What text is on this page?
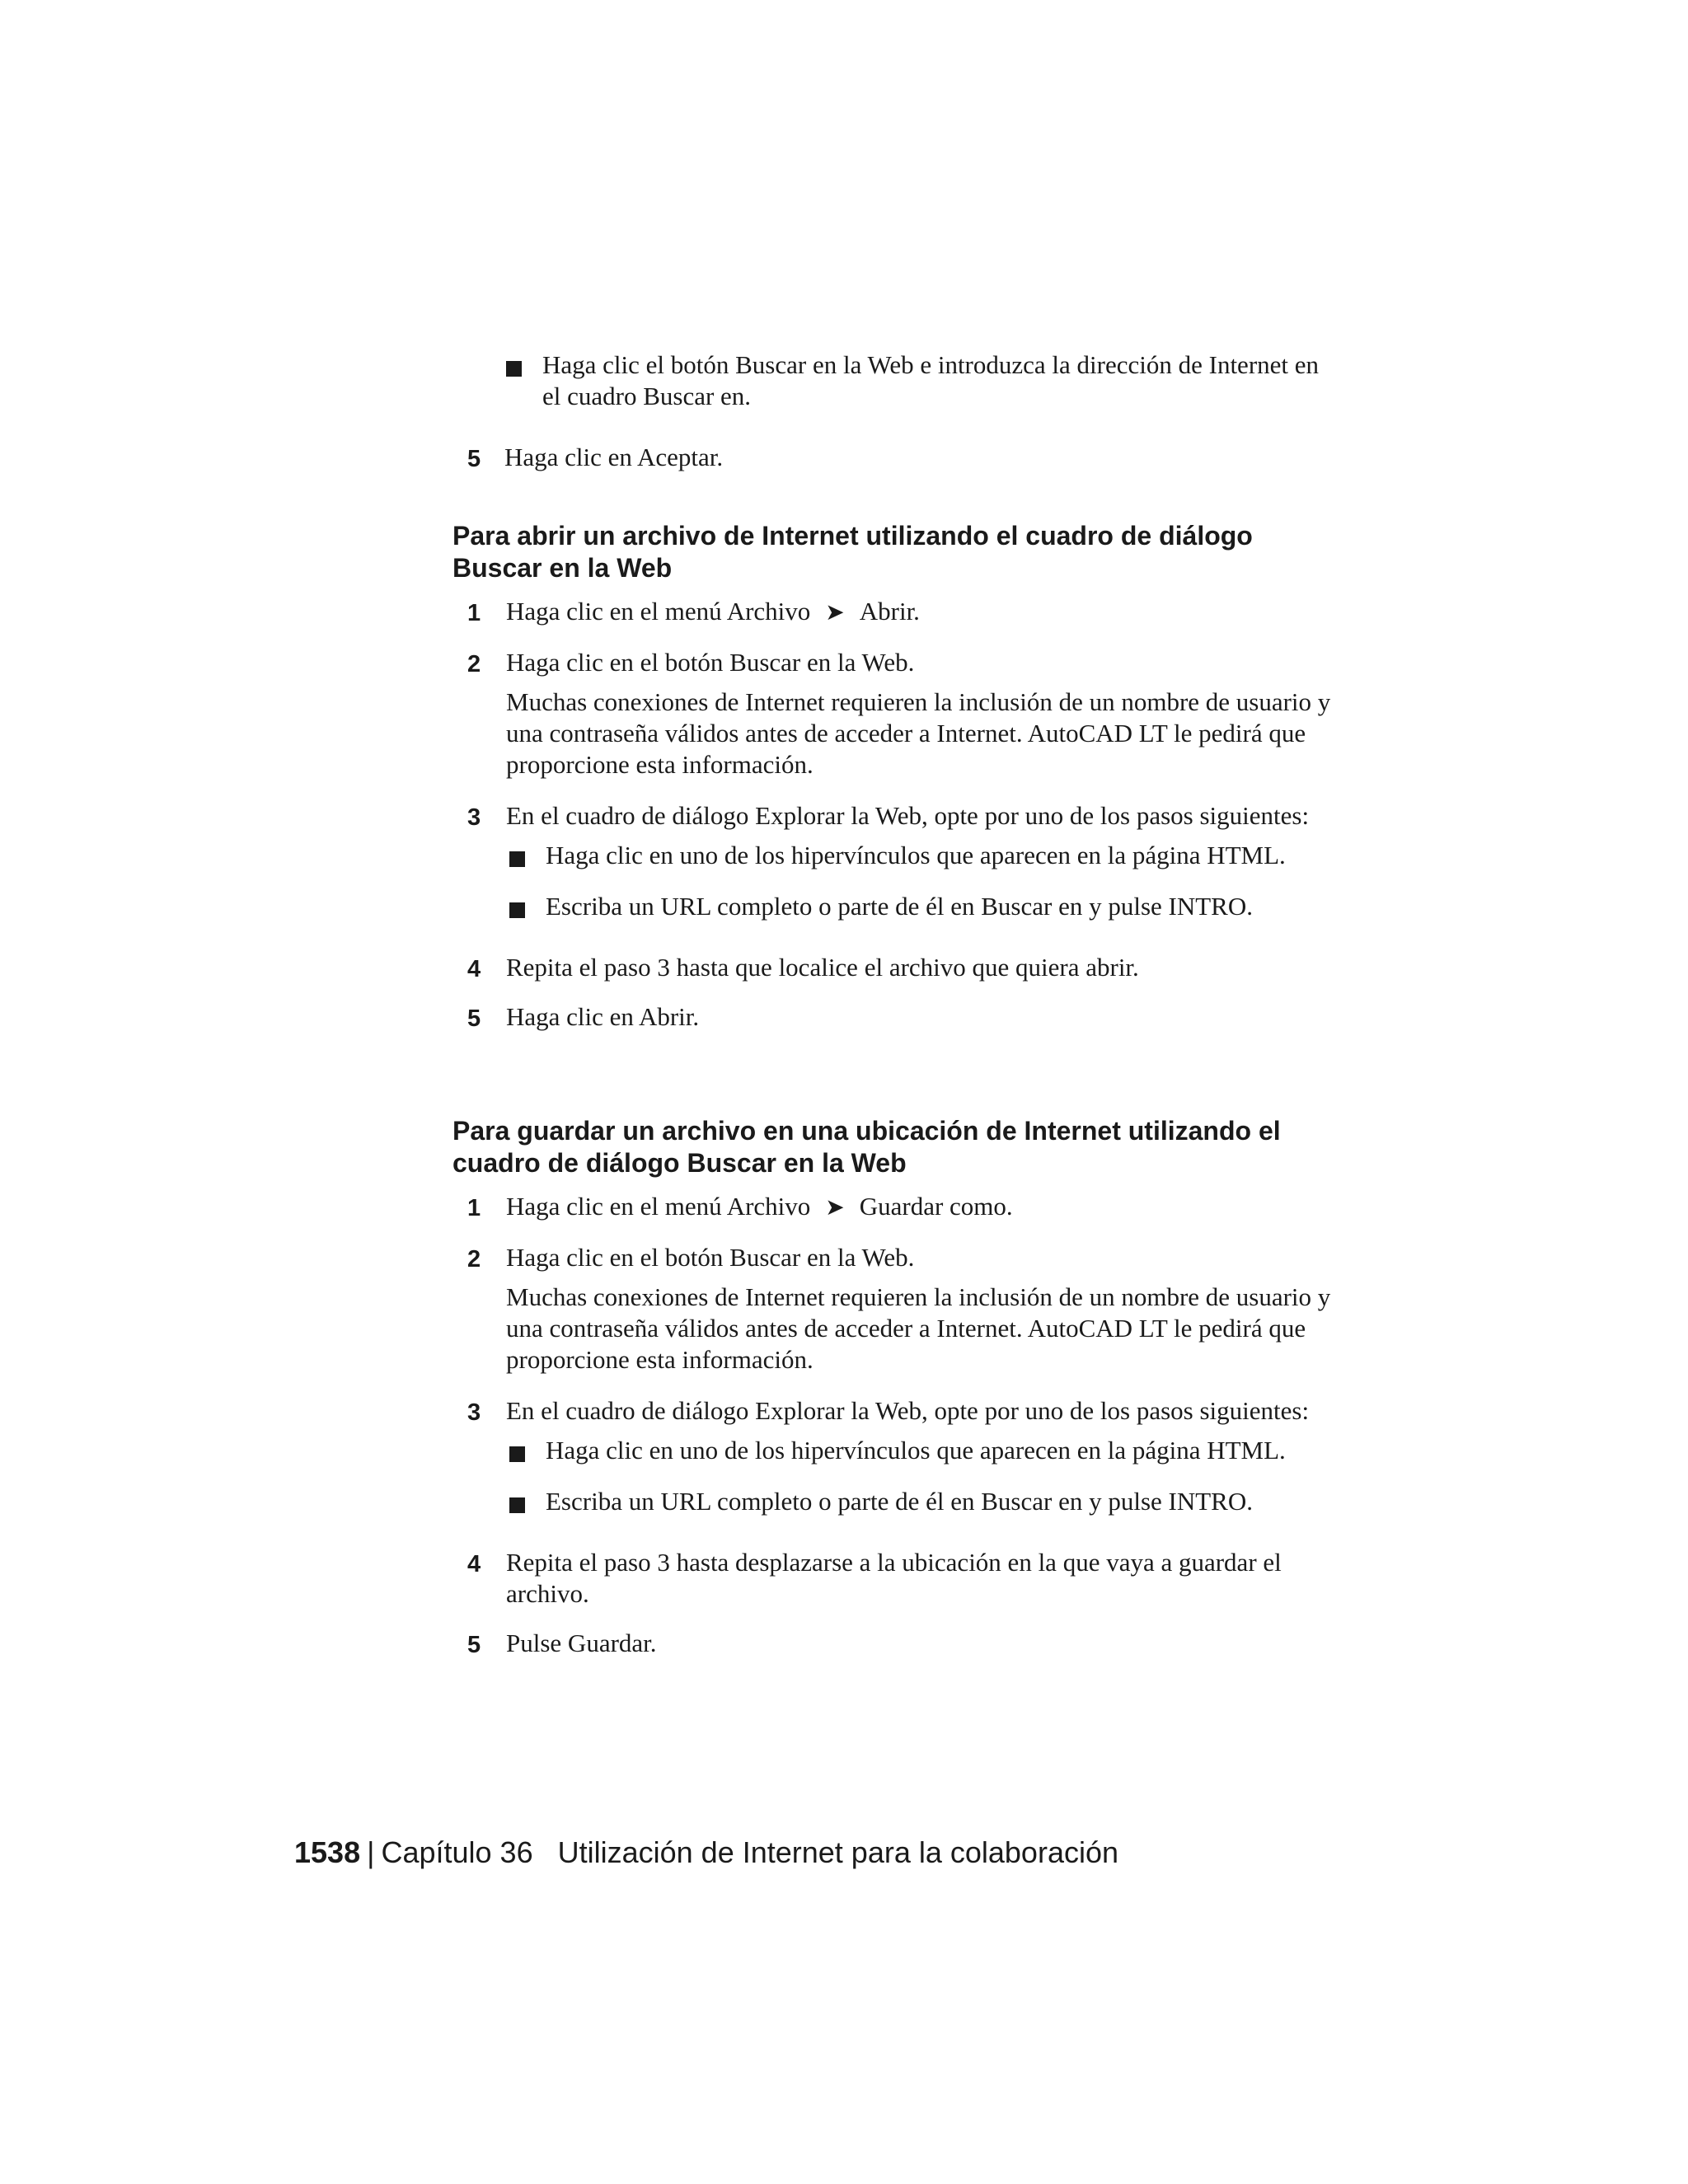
Haga clic el botón Buscar en la Web e introduzca la dirección de Internet en el cuadro Buscar en.

5 Haga clic en Aceptar.

Para abrir un archivo de Internet utilizando el cuadro de diálogo Buscar en la Web

1 Haga clic en el menú Archivo ➤ Abrir.

2 Haga clic en el botón Buscar en la Web.

Muchas conexiones de Internet requieren la inclusión de un nombre de usuario y una contraseña válidos antes de acceder a Internet. AutoCAD LT le pedirá que proporcione esta información.

3 En el cuadro de diálogo Explorar la Web, opte por uno de los pasos siguientes:

Haga clic en uno de los hipervínculos que aparecen en la página HTML.

Escriba un URL completo o parte de él en Buscar en y pulse INTRO.

4 Repita el paso 3 hasta que localice el archivo que quiera abrir.

5 Haga clic en Abrir.

Para guardar un archivo en una ubicación de Internet utilizando el cuadro de diálogo Buscar en la Web

1 Haga clic en el menú Archivo ➤ Guardar como.

2 Haga clic en el botón Buscar en la Web.

Muchas conexiones de Internet requieren la inclusión de un nombre de usuario y una contraseña válidos antes de acceder a Internet. AutoCAD LT le pedirá que proporcione esta información.

3 En el cuadro de diálogo Explorar la Web, opte por uno de los pasos siguientes:

Haga clic en uno de los hipervínculos que aparecen en la página HTML.

Escriba un URL completo o parte de él en Buscar en y pulse INTRO.

4 Repita el paso 3 hasta desplazarse a la ubicación en la que vaya a guardar el archivo.

5 Pulse Guardar.

1538 | Capítulo 36 Utilización de Internet para la colaboración
